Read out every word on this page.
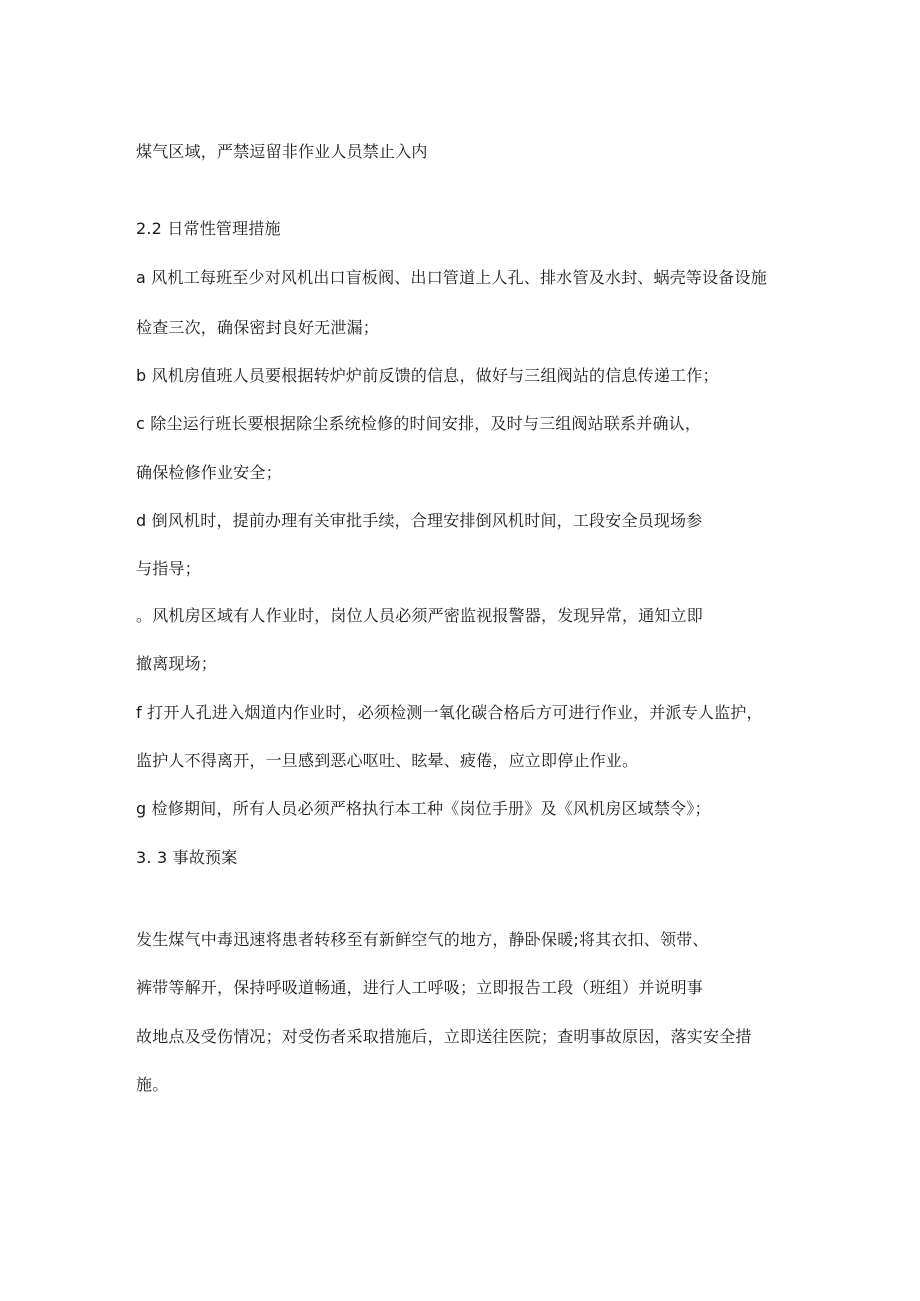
煤气区域，严禁逗留非作业人员禁止入内
2.2 日常性管理措施
a 风机工每班至少对风机出口盲板阀、出口管道上人孔、排水管及水封、蜗壳等设备设施
检查三次，确保密封良好无泄漏；
b 风机房值班人员要根据转炉炉前反馈的信息，做好与三组阀站的信息传递工作；
c 除尘运行班长要根据除尘系统检修的时间安排，及时与三组阀站联系并确认，
确保检修作业安全；
d 倒风机时，提前办理有关审批手续，合理安排倒风机时间，工段安全员现场参
与指导；
。风机房区域有人作业时，岗位人员必须严密监视报警器，发现异常，通知立即
撤离现场；
f 打开人孔进入烟道内作业时，必须检测一氧化碳合格后方可进行作业，并派专人监护，
监护人不得离开，一旦感到恶心呕吐、眩晕、疲倦，应立即停止作业。
g 检修期间，所有人员必须严格执行本工种《岗位手册》及《风机房区域禁令》；
3. 3 事故预案
发生煤气中毒迅速将患者转移至有新鲜空气的地方，静卧保暖;将其衣扣、领带、
裤带等解开，保持呼吸道畅通，进行人工呼吸；立即报告工段（班组）并说明事
故地点及受伤情况；对受伤者采取措施后，立即送往医院；查明事故原因，落实安全措
施。
